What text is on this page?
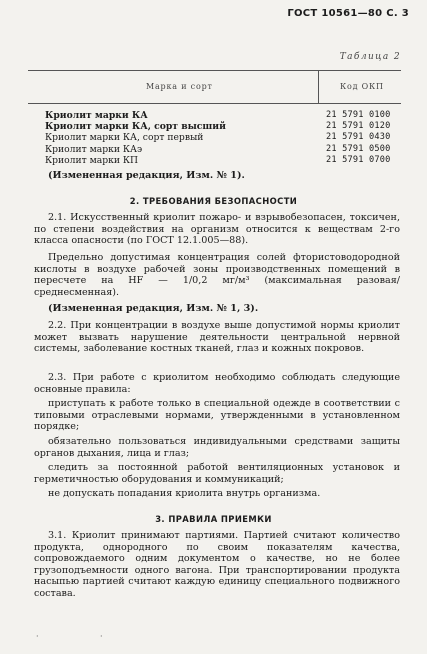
ГОСТ 10561—80 С. 3
Таблица 2
Марка и сорт	Код ОКП
Криолит марки КА
Криолит марки КА, сорт высший
Криолит марки КА, сорт первый
Криолит марки КАэ
Криолит марки КП
21 5791 0100
21 5791 0120
21 5791 0430
21 5791 0500
21 5791 0700
(Измененная редакция, Изм. № 1).
2. ТРЕБОВАНИЯ БЕЗОПАСНОСТИ
2.1. Искусственный криолит пожаро- и взрывобезопасен, токсичен, по степени воздействия на организм относится к веществам 2-го класса опасности (по ГОСТ 12.1.005—88).
Предельно допустимая концентрация солей фтористоводородной кислоты в воздухе рабочей зоны производственных помещений в пересчете на HF — 1/0,2 мг/м³ (максимальная разовая/среднесменная).
(Измененная редакция, Изм. № 1, 3).
2.2. При концентрации в воздухе выше допустимой нормы криолит может вызвать нарушение деятельности центральной нервной системы, заболевание костных тканей, глаз и кожных покровов.
2.3. При работе с криолитом необходимо соблюдать следующие основные правила:
приступать к работе только в специальной одежде в соответствии с типовыми отраслевыми нормами, утвержденными в установленном порядке;
обязательно пользоваться индивидуальными средствами защиты органов дыхания, лица и глаз;
следить за постоянной работой вентиляционных установок и герметичностью оборудования и коммуникаций;
не допускать попадания криолита внутрь организма.
3. ПРАВИЛА ПРИЕМКИ
3.1. Криолит принимают партиями. Партией считают количество продукта, однородного по своим показателям качества, сопровождаемого одним документом о качестве, но не более грузоподъемности одного вагона. При транспортировании продукта насыпью партией считают каждую единицу специального подвижного состава.
·	·
